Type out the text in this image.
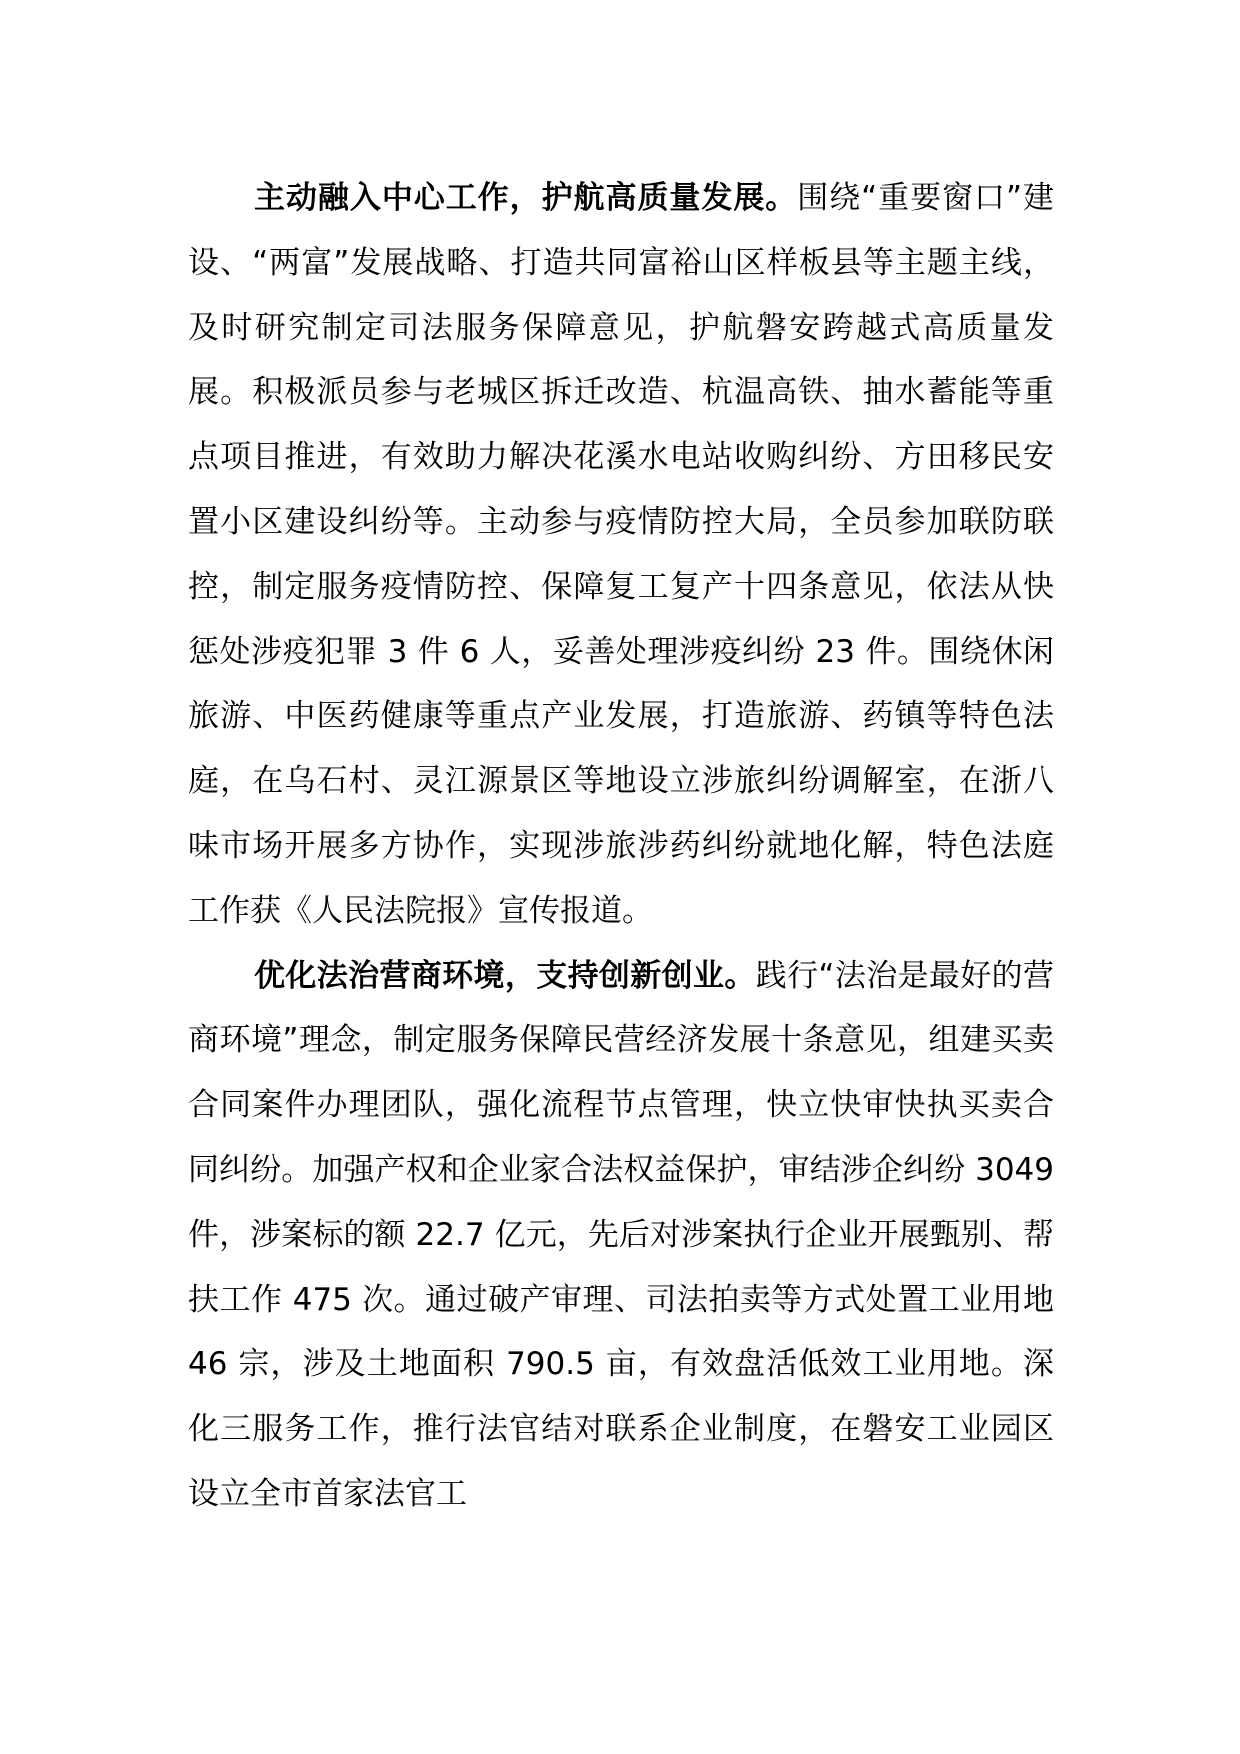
主动融入中心工作，护航高质量发展。围绕“重要窗口”建设、“两富”发展战略、打造共同富裕山区样板县等主题主线，及时研究制定司法服务保障意见，护航磐安跨越式高质量发展。积极派员参与老城区拆迁改造、杭温高铁、抽水蓄能等重点项目推进，有效助力解决花溪水电站收购纠纷、方田移民安置小区建设纠纷等。主动参与疫情防控大局，全员参加联防联控，制定服务疫情防控、保障复工复产十四条意见，依法从快惩处涉疫犯罪 3 件 6 人，妥善处理涉疫纠纷 23 件。围绕休闲旅游、中医药健康等重点产业发展，打造旅游、药镇等特色法庭，在乌石村、灵江源景区等地设立涉旅纠纷调解室，在浙八味市场开展多方协作，实现涉旅涉药纠纷就地化解，特色法庭工作获《人民法院报》宣传报道。

优化法治营商环境，支持创新创业。践行“法治是最好的营商环境”理念，制定服务保障民营经济发展十条意见，组建买卖合同案件办理团队，强化流程节点管理，快立快审快执买卖合同纠纷。加强产权和企业家合法权益保护，审结涉企纠纷 3049 件，涉案标的额 22.7 亿元，先后对涉案执行企业开展甄别、帮扶工作 475 次。通过破产审理、司法拍卖等方式处置工业用地 46 宗，涉及土地面积 790.5 亩，有效盘活低效工业用地。深化三服务工作，推行法官结对联系企业制度，在磐安工业园区设立全市首家法官工
